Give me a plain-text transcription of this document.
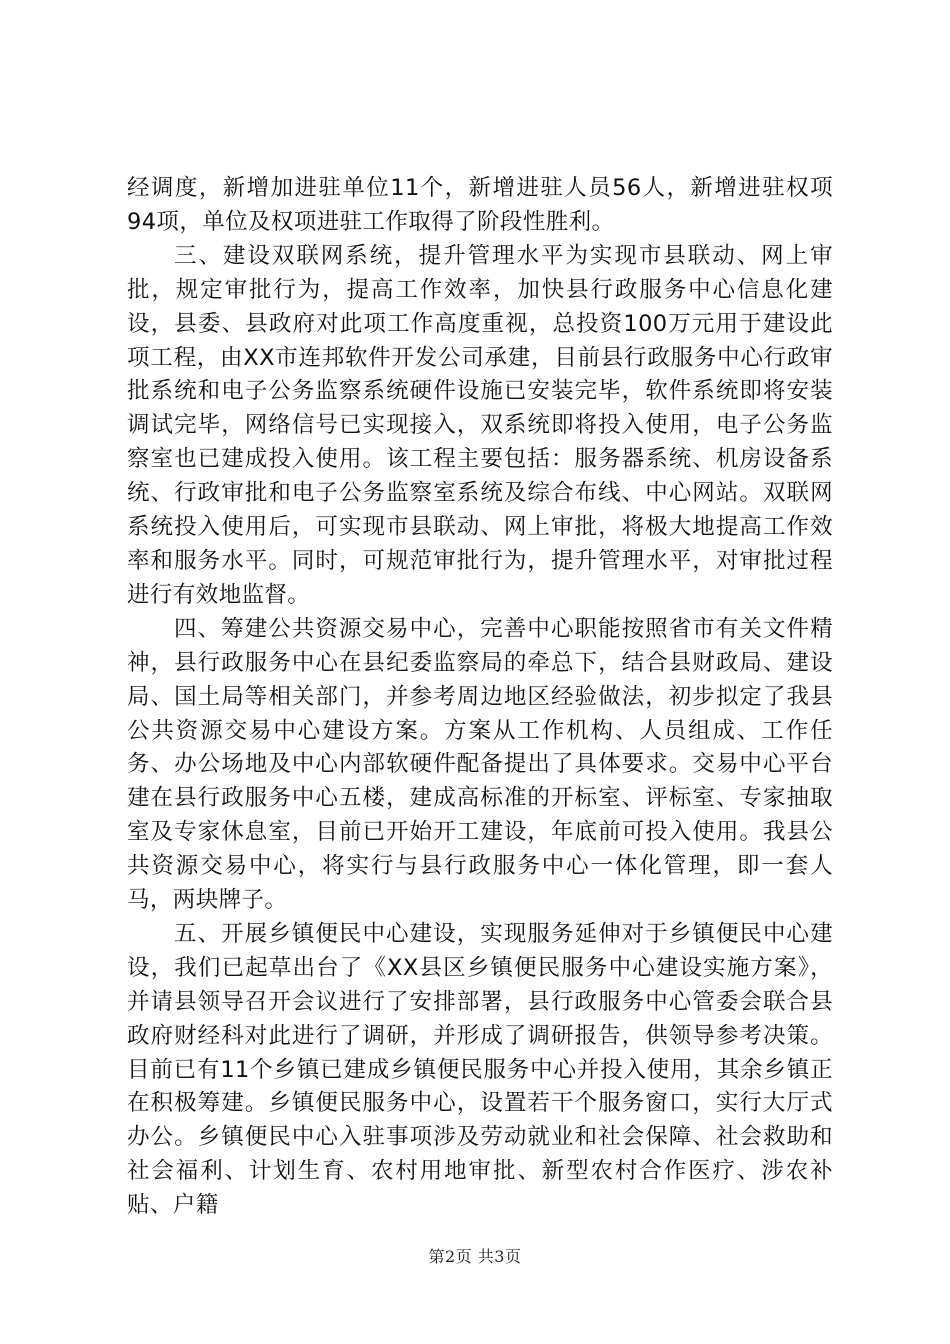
经调度，新增加进驻单位11个，新增进驻人员56人，新增进驻权项94项，单位及权项进驻工作取得了阶段性胜利。

三、建设双联网系统，提升管理水平为实现市县联动、网上审批，规定审批行为，提高工作效率，加快县行政服务中心信息化建设，县委、县政府对此项工作高度重视，总投资100万元用于建设此项工程，由XX市连邦软件开发公司承建，目前县行政服务中心行政审批系统和电子公务监察系统硬件设施已安装完毕，软件系统即将安装调试完毕，网络信号已实现接入，双系统即将投入使用，电子公务监察室也已建成投入使用。该工程主要包括：服务器系统、机房设备系统、行政审批和电子公务监察室系统及综合布线、中心网站。双联网系统投入使用后，可实现市县联动、网上审批，将极大地提高工作效率和服务水平。同时，可规范审批行为，提升管理水平，对审批过程进行有效地监督。

四、筹建公共资源交易中心，完善中心职能按照省市有关文件精神，县行政服务中心在县纪委监察局的牵总下，结合县财政局、建设局、国土局等相关部门，并参考周边地区经验做法，初步拟定了我县公共资源交易中心建设方案。方案从工作机构、人员组成、工作任务、办公场地及中心内部软硬件配备提出了具体要求。交易中心平台建在县行政服务中心五楼，建成高标准的开标室、评标室、专家抽取室及专家休息室，目前已开始开工建设，年底前可投入使用。我县公共资源交易中心，将实行与县行政服务中心一体化管理，即一套人马，两块牌子。

五、开展乡镇便民中心建设，实现服务延伸对于乡镇便民中心建设，我们已起草出台了《XX县区乡镇便民服务中心建设实施方案》，并请县领导召开会议进行了安排部署，县行政服务中心管委会联合县政府财经科对此进行了调研，并形成了调研报告，供领导参考决策。目前已有11个乡镇已建成乡镇便民服务中心并投入使用，其余乡镇正在积极筹建。乡镇便民服务中心，设置若干个服务窗口，实行大厅式办公。乡镇便民中心入驻事项涉及劳动就业和社会保障、社会救助和社会福利、计划生育、农村用地审批、新型农村合作医疗、涉农补贴、户籍

第2页 共3页
